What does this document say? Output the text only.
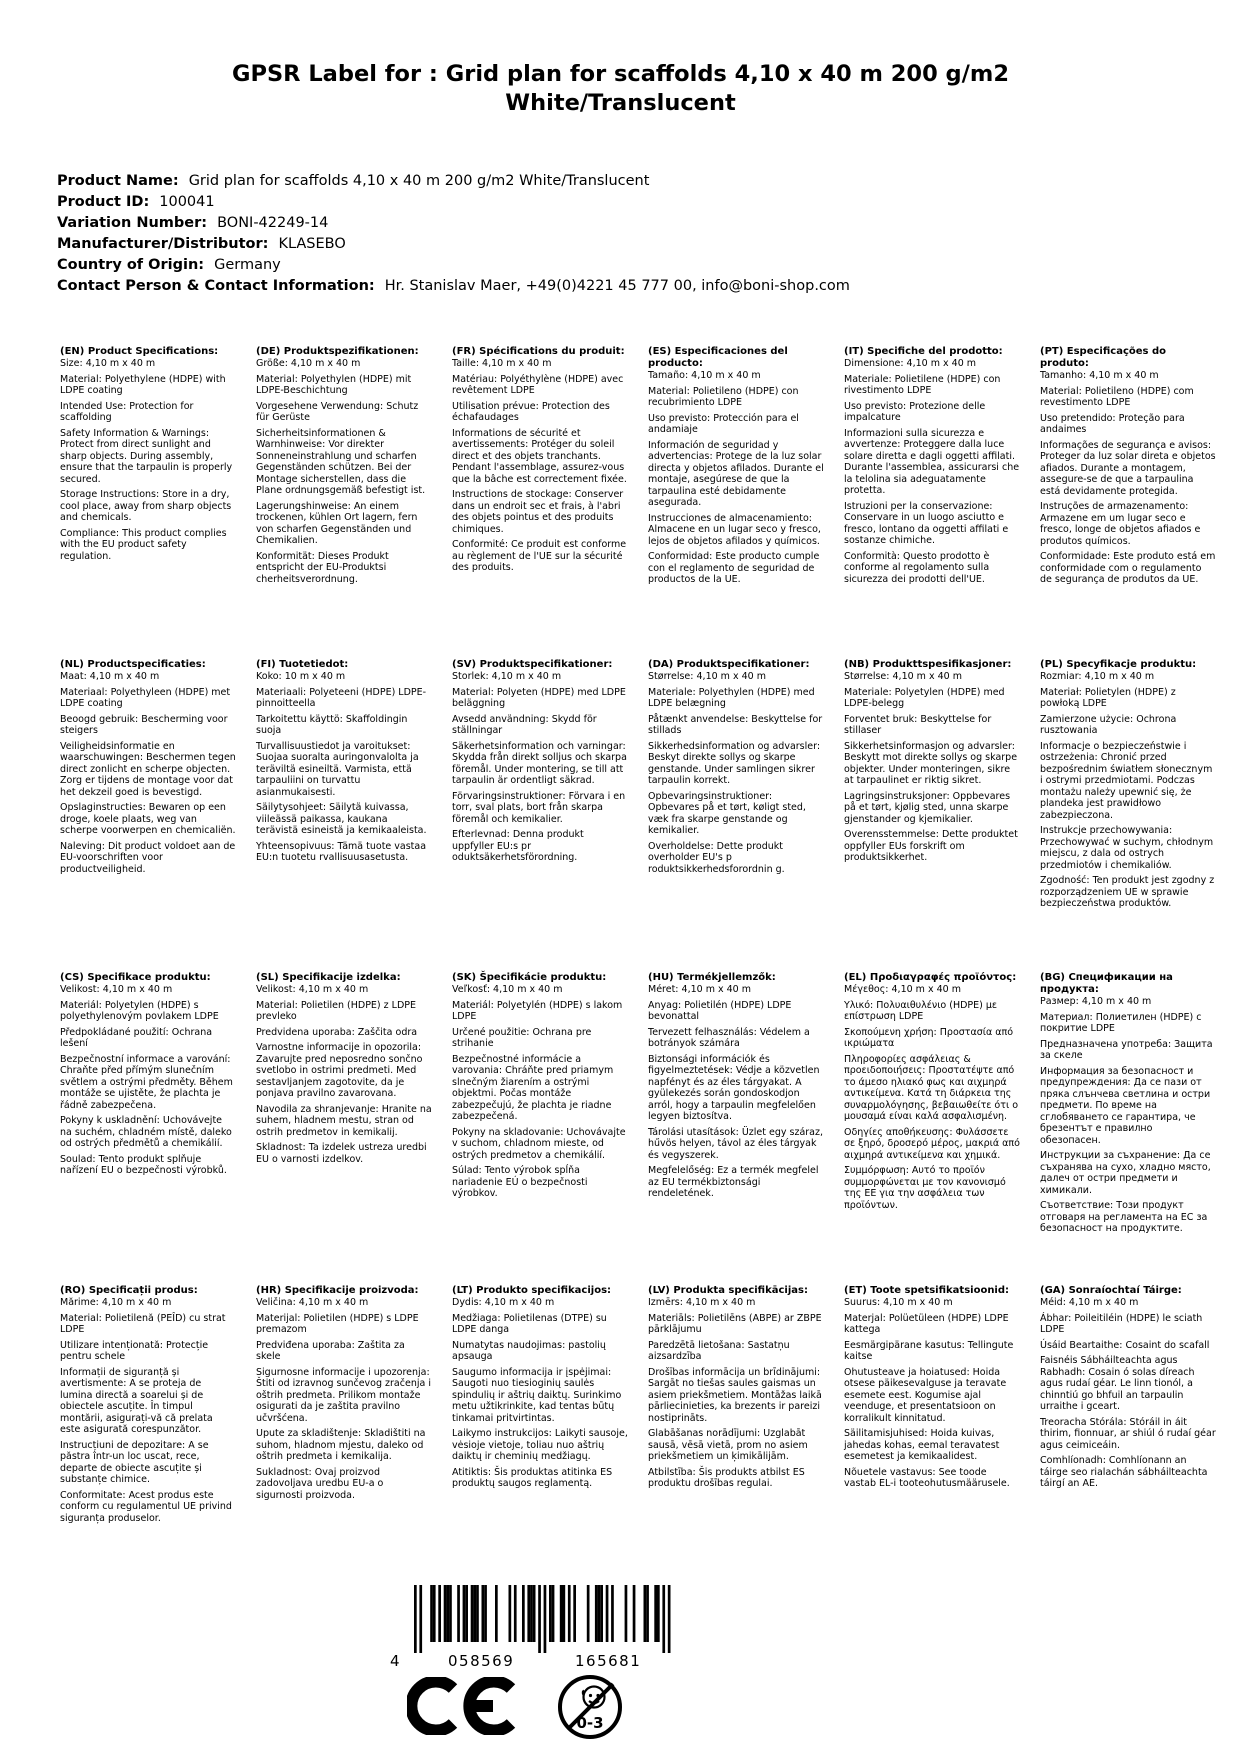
GPSR Label for : Grid plan for scaffolds 4,10 x 40 m 200 g/m2
White/Translucent
Product Name: Grid plan for scaffolds 4,10 x 40 m 200 g/m2 White/Translucent
Product ID: 100041
Variation Number: BONI-42249-14
Manufacturer/Distributor: KLASEBO
Country of Origin: Germany
Contact Person & Contact Information: Hr. Stanislav Maer, +49(0)4221 45 777 00, info@boni-shop.com
(EN) Product Specifications:

Size: 4,10 m x 40 m

Material: Polyethylene (HDPE) with LDPE coating

Intended Use: Protection for scaffolding

Safety Information & Warnings: Protect from direct sunlight and sharp objects. During assembly, ensure that the tarpaulin is properly secured.

Storage Instructions: Store in a dry, cool place, away from sharp objects and chemicals.

Compliance: This product complies with the EU product safety regulation.

(DE) Produktspezifikationen:

Größe: 4,10 m x 40 m

Material: Polyethylen (HDPE) mit LDPE-Beschichtung

Vorgesehene Verwendung: Schutz für Gerüste

Sicherheitsinformationen & Warnhinweise: Vor direkter Sonneneinstrahlung und scharfen Gegenständen schützen. Bei der Montage sicherstellen, dass die Plane ordnungsgemäß befestigt ist.

Lagerungshinweise: An einem trockenen, kühlen Ort lagern, fern von scharfen Gegenständen und Chemikalien.

Konformität: Dieses Produkt entspricht der EU-Produktsi cherheitsverordnung.

(FR) Spécifications du produit:

Taille: 4,10 m x 40 m

Matériau: Polyéthylène (HDPE) avec revêtement LDPE

Utilisation prévue: Protection des échafaudages

Informations de sécurité et avertissements: Protéger du soleil direct et des objets tranchants. Pendant l'assemblage, assurez-vous que la bâche est correctement fixée.

Instructions de stockage: Conserver dans un endroit sec et frais, à l'abri des objets pointus et des produits chimiques.

Conformité: Ce produit est conforme au règlement de l'UE sur la sécurité des produits.

(ES) Especificaciones del producto:

Tamaño: 4,10 m x 40 m

Material: Polietileno (HDPE) con recubrimiento LDPE

Uso previsto: Protección para el andamiaje

Información de seguridad y advertencias: Protege de la luz solar directa y objetos afilados. Durante el montaje, asegúrese de que la tarpaulina esté debidamente asegurada.

Instrucciones de almacenamiento: Almacene en un lugar seco y fresco, lejos de objetos afilados y químicos.

Conformidad: Este producto cumple con el reglamento de seguridad de productos de la UE.

(IT) Specifiche del prodotto:

Dimensione: 4,10 m x 40 m

Materiale: Polietilene (HDPE) con rivestimento LDPE

Uso previsto: Protezione delle impalcature

Informazioni sulla sicurezza e avvertenze: Proteggere dalla luce solare diretta e dagli oggetti affilati. Durante l'assemblea, assicurarsi che la telolina sia adeguatamente protetta.

Istruzioni per la conservazione: Conservare in un luogo asciutto e fresco, lontano da oggetti affilati e sostanze chimiche.

Conformità: Questo prodotto è conforme al regolamento sulla sicurezza dei prodotti dell'UE.

(PT) Especificações do produto:

Tamanho: 4,10 m x 40 m

Material: Polietileno (HDPE) com revestimento LDPE

Uso pretendido: Proteção para andaimes

Informações de segurança e avisos: Proteger da luz solar direta e objetos afiados. Durante a montagem, assegure-se de que a tarpaulina está devidamente protegida.

Instruções de armazenamento: Armazene em um lugar seco e fresco, longe de objetos afiados e produtos químicos.

Conformidade: Este produto está em conformidade com o regulamento de segurança de produtos da UE.

(NL) Productspecificaties:

Maat: 4,10 m x 40 m

Materiaal: Polyethyleen (HDPE) met LDPE coating

Beoogd gebruik: Bescherming voor steigers

Veiligheidsinformatie en waarschuwingen: Beschermen tegen direct zonlicht en scherpe objecten. Zorg er tijdens de montage voor dat het dekzeil goed is bevestigd.

Opslaginstructies: Bewaren op een droge, koele plaats, weg van scherpe voorwerpen en chemicaliën.

Naleving: Dit product voldoet aan de EU-voorschriften voor productveiligheid.

(FI) Tuotetiedot:

Koko: 10 m x 40 m

Materiaali: Polyeteeni (HDPE) LDPE-pinnoitteella

Tarkoitettu käyttö: Skaffoldingin suoja

Turvallisuustiedot ja varoitukset: Suojaa suoralta auringonvalolta ja teräviltä esineiltä. Varmista, että tarpauliini on turvattu asianmukaisesti.

Säilytysohjeet: Säilytä kuivassa, viileässä paikassa, kaukana terävistä esineistä ja kemikaaleista.

Yhteensopivuus: Tämä tuote vastaa EU:n tuotetu rvallisuusasetusta.

(SV) Produktspecifikationer:

Storlek: 4,10 m x 40 m

Material: Polyeten (HDPE) med LDPE beläggning

Avsedd användning: Skydd för ställningar

Säkerhetsinformation och varningar: Skydda från direkt solljus och skarpa föremål. Under montering, se till att tarpaulin är ordentligt säkrad.

Förvaringsinstruktioner: Förvara i en torr, sval plats, bort från skarpa föremål och kemikalier.

Efterlevnad: Denna produkt uppfyller EU:s pr oduktsäkerhetsförordning.

(DA) Produktspecifikationer:

Størrelse: 4,10 m x 40 m

Materiale: Polyethylen (HDPE) med LDPE belægning

Påtænkt anvendelse: Beskyttelse for stillads

Sikkerhedsinformation og advarsler: Beskyt direkte sollys og skarpe genstande. Under samlingen sikrer tarpaulin korrekt.

Opbevaringsinstruktioner: Opbevares på et tørt, køligt sted, væk fra skarpe genstande og kemikalier.

Overholdelse: Dette produkt overholder EU's p roduktsikkerhedsforordnin g.

(NB) Produkttspesifikasjoner:

Størrelse: 4,10 m x 40 m

Materiale: Polyetylen (HDPE) med LDPE-belegg

Forventet bruk: Beskyttelse for stillaser

Sikkerhetsinformasjon og advarsler: Beskytt mot direkte sollys og skarpe objekter. Under monteringen, sikre at tarpaulinet er riktig sikret.

Lagringsinstruksjoner: Oppbevares på et tørt, kjølig sted, unna skarpe gjenstander og kjemikalier.

Overensstemmelse: Dette produktet oppfyller EUs forskrift om produktsikkerhet.

(PL) Specyfikacje produktu:

Rozmiar: 4,10 m x 40 m

Materiał: Polietylen (HDPE) z powłoką LDPE

Zamierzone użycie: Ochrona rusztowania

Informacje o bezpieczeństwie i ostrzeżenia: Chronić przed bezpośrednim światłem słonecznym i ostrymi przedmiotami. Podczas montażu należy upewnić się, że plandeka jest prawidłowo zabezpieczona.

Instrukcje przechowywania: Przechowywać w suchym, chłodnym miejscu, z dala od ostrych przedmiotów i chemikaliów.

Zgodność: Ten produkt jest zgodny z rozporządzeniem UE w sprawie bezpieczeństwa produktów.

(CS) Specifikace produktu:

Velikost: 4,10 m x 40 m

Materiál: Polyetylen (HDPE) s polyethylenovým povlakem LDPE

Předpokládané použití: Ochrana lešení

Bezpečnostní informace a varování: Chraňte před přímým slunečním světlem a ostrými předměty. Během montáže se ujistěte, že plachta je řádně zabezpečena.

Pokyny k uskladnění: Uchovávejte na suchém, chladném místě, daleko od ostrých předmětů a chemikálií.

Soulad: Tento produkt splňuje nařízení EU o bezpečnosti výrobků.

(SL) Specifikacije izdelka:

Velikost: 4,10 m x 40 m

Material: Polietilen (HDPE) z LDPE prevleko

Predvidena uporaba: Zaščita odra

Varnostne informacije in opozorila: Zavarujte pred neposredno sončno svetlobo in ostrimi predmeti. Med sestavljanjem zagotovite, da je ponjava pravilno zavarovana.

Navodila za shranjevanje: Hranite na suhem, hladnem mestu, stran od ostrih predmetov in kemikalij.

Skladnost: Ta izdelek ustreza uredbi EU o varnosti izdelkov.

(SK) Špecifikácie produktu:

Veľkosť: 4,10 m x 40 m

Materiál: Polyetylén (HDPE) s lakom LDPE

Určené použitie: Ochrana pre strihanie

Bezpečnostné informácie a varovania: Chráňte pred priamym slnečným žiarením a ostrými objektmi. Počas montáže zabezpečujú, že plachta je riadne zabezpečená.

Pokyny na skladovanie: Uchovávajte v suchom, chladnom mieste, od ostrých predmetov a chemikálií.

Súlad: Tento výrobok spĺňa nariadenie EÚ o bezpečnosti výrobkov.

(HU) Termékjellemzők:

Méret: 4,10 m x 40 m

Anyag: Polietilén (HDPE) LDPE bevonattal

Tervezett felhasználás: Védelem a botrányok számára

Biztonsági információk és figyelmeztetések: Védje a közvetlen napfényt és az éles tárgyakat. A gyülekezés során gondoskodjon arról, hogy a tarpaulin megfelelően legyen biztosítva.

Tárolási utasítások: Üzlet egy száraz, hűvös helyen, távol az éles tárgyak és vegyszerek.

Megfelelőség: Ez a termék megfelel az EU termékbiztonsági rendeletének.

(EL) Προδιαγραφές προϊόντος:

Μέγεθος: 4,10 m x 40 m

Υλικό: Πολυαιθυλένιο (HDPE) με επίστρωση LDPE

Σκοπούμενη χρήση: Προστασία από ικριώματα

Πληροφορίες ασφάλειας & προειδοποιήσεις: Προστατέψτε από το άμεσο ηλιακό φως και αιχμηρά αντικείμενα. Κατά τη διάρκεια της συναρμολόγησης, βεβαιωθείτε ότι ο μουσαμά είναι καλά ασφαλισμένη.

Οδηγίες αποθήκευσης: Φυλάσσετε σε ξηρό, δροσερό μέρος, μακριά από αιχμηρά αντικείμενα και χημικά.

Συμμόρφωση: Αυτό το προϊόν συμμορφώνεται με τον κανονισμό της ΕΕ για την ασφάλεια των προϊόντων.

(BG) Спецификации на продукта:

Размер: 4,10 m x 40 m

Материал: Полиетилен (HDPE) с покритие LDPE

Предназначена употреба: Защита за скеле

Информация за безопасност и предупреждения: Да се пази от пряка слънчева светлина и остри предмети. По време на сглобяването се гарантира, че брезентът е правилно обезопасен.

Инструкции за съхранение: Да се съхранява на сухо, хладно място, далеч от остри предмети и химикали.

Съответствие: Този продукт отговаря на регламента на ЕС за безопасност на продуктите.

(RO) Specificații produs:

Mărime: 4,10 m x 40 m

Material: Polietilenă (PEÎD) cu strat LDPE

Utilizare intenționată: Protecție pentru schele

Informații de siguranță și avertismente: A se proteja de lumina directă a soarelui și de obiectele ascuțite. În timpul montării, asigurați-vă că prelata este asigurată corespunzător.

Instrucțiuni de depozitare: A se păstra într-un loc uscat, rece, departe de obiecte ascuțite și substanțe chimice.

Conformitate: Acest produs este conform cu regulamentul UE privind siguranța produselor.

(HR) Specifikacije proizvoda:

Veličina: 4,10 m x 40 m

Materijal: Polietilen (HDPE) s LDPE premazom

Predviđena uporaba: Zaštita za skele

Sigurnosne informacije i upozorenja: Štiti od izravnog sunčevog zračenja i oštrih predmeta. Prilikom montaže osigurati da je zaštita pravilno učvršćena.

Upute za skladištenje: Skladištiti na suhom, hladnom mjestu, daleko od oštrih predmeta i kemikalija.

Sukladnost: Ovaj proizvod zadovoljava uredbu EU-a o sigurnosti proizvoda.

(LT) Produkto specifikacijos:

Dydis: 4,10 m x 40 m

Medžiaga: Polietilenas (DTPE) su LDPE danga

Numatytas naudojimas: pastolių apsauga

Saugumo informacija ir įspėjimai: Saugoti nuo tiesioginių saulės spindulių ir aštrių daiktų. Surinkimo metu užtikrinkite, kad tentas būtų tinkamai pritvirtintas.

Laikymo instrukcijos: Laikyti sausoje, vėsioje vietoje, toliau nuo aštrių daiktų ir cheminių medžiagų.

Atitiktis: Šis produktas atitinka ES produktų saugos reglamentą.

(LV) Produkta specifikācijas:

Izmērs: 4,10 m x 40 m

Materiāls: Polietilēns (ABPE) ar ZBPE pārklājumu

Paredzētā lietošana: Sastatņu aizsardzība

Drošības informācija un brīdinājumi: Sargāt no tiešas saules gaismas un asiem priekšmetiem. Montāžas laikā pārliecinieties, ka brezents ir pareizi nostiprināts.

Glabāšanas norādījumi: Uzglabāt sausā, vēsā vietā, prom no asiem priekšmetiem un ķimikālijām.

Atbilstība: Šis produkts atbilst ES produktu drošības regulai.

(ET) Toote spetsifikatsioonid:

Suurus: 4,10 m x 40 m

Materjal: Polüetüleen (HDPE) LDPE kattega

Eesmärgipärane kasutus: Tellingute kaitse

Ohutusteave ja hoiatused: Hoida otsese päikesevalguse ja teravate esemete eest. Kogumise ajal veenduge, et presentatsioon on korralikult kinnitatud.

Säilitamisjuhised: Hoida kuivas, jahedas kohas, eemal teravatest esemetest ja kemikaalidest.

Nõuetele vastavus: See toode vastab EL-i tooteohutusmäärusele.

(GA) Sonraíochtaí Táirge:

Méid: 4,10 m x 40 m

Ábhar: Poileitiléin (HDPE) le sciath LDPE

Úsáid Beartaithe: Cosaint do scafall

Faisnéis Sábháilteachta agus Rabhadh: Cosain ó solas díreach agus rudaí géar. Le linn tionól, a chinntiú go bhfuil an tarpaulin urraithe i gceart.

Treoracha Stórála: Stóráil in áit thirim, fionnuar, ar shiúl ó rudaí géar agus ceimiceáin.

Comhlíonadh: Comhlíonann an táirge seo rialachán sábháilteachta táirgí an AE.

4	058569	165681
0-3
